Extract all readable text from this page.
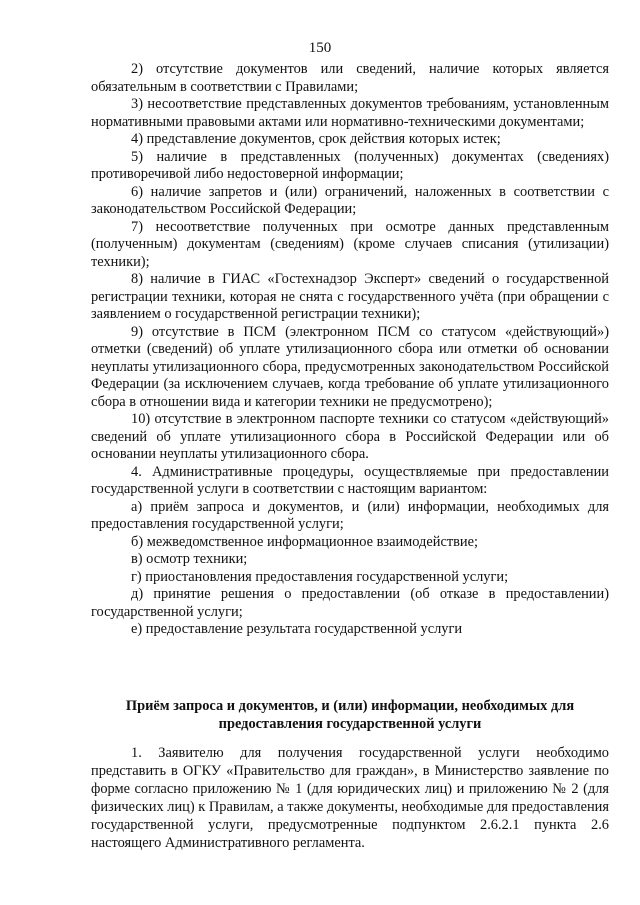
150

2) отсутствие документов или сведений, наличие которых является обязательным в соответствии с Правилами;

3) несоответствие представленных документов требованиям, установленным нормативными правовыми актами или нормативно-техническими документами;

4) представление документов, срок действия которых истек;

5) наличие в представленных (полученных) документах (сведениях) противоречивой либо недостоверной информации;

6) наличие запретов и (или) ограничений, наложенных в соответствии с законодательством Российской Федерации;

7) несоответствие полученных при осмотре данных представленным (полученным) документам (сведениям) (кроме случаев списания (утилизации) техники);

8) наличие в ГИАС «Гостехнадзор Эксперт» сведений о государственной регистрации техники, которая не снята с государственного учёта (при обращении с заявлением о государственной регистрации техники);

9) отсутствие в ПСМ (электронном ПСМ со статусом «действующий») отметки (сведений) об уплате утилизационного сбора или отметки об основании неуплаты утилизационного сбора, предусмотренных законодательством Российской Федерации (за исключением случаев, когда требование об уплате утилизационного сбора в отношении вида и категории техники не предусмотрено);

10) отсутствие в электронном паспорте техники со статусом «действующий» сведений об уплате утилизационного сбора в Российской Федерации или об основании неуплаты утилизационного сбора.

4. Административные процедуры, осуществляемые при предоставлении государственной услуги в соответствии с настоящим вариантом:

а) приём запроса и документов, и (или) информации, необходимых для предоставления государственной услуги;

б) межведомственное информационное взаимодействие;

в) осмотр техники;

г) приостановления предоставления государственной услуги;

д) принятие решения о предоставлении (об отказе в предоставлении) государственной услуги;

е) предоставление результата государственной услуги

Приём запроса и документов, и (или) информации, необходимых для предоставления государственной услуги

1. Заявителю для получения государственной услуги необходимо представить в ОГКУ «Правительство для граждан», в Министерство заявление по форме согласно приложению № 1 (для юридических лиц) и приложению № 2 (для физических лиц) к Правилам, а также документы, необходимые для предоставления государственной услуги, предусмотренные подпунктом 2.6.2.1 пункта 2.6 настоящего Административного регламента.
